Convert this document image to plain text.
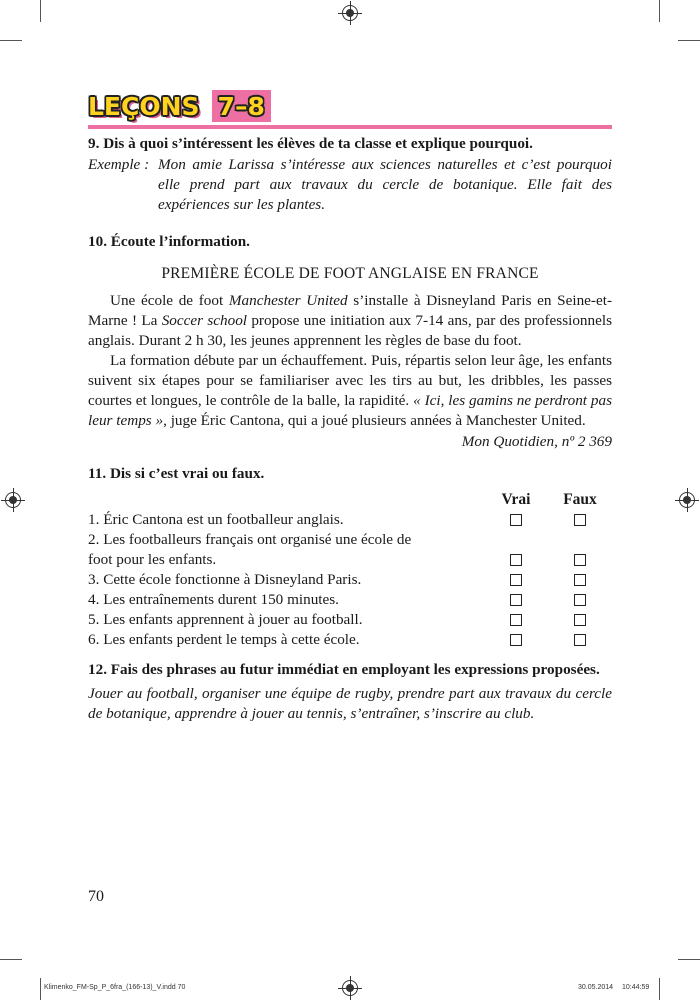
LEÇONS 7–8

9. Dis à quoi s’intéressent les élèves de ta classe et explique pourquoi.

Exemple : Mon amie Larissa s’intéresse aux sciences naturelles et c’est pourquoi elle prend part aux travaux du cercle de botanique. Elle fait des expériences sur les plantes.

10. Écoute l’information.

PREMIÈRE ÉCOLE DE FOOT ANGLAISE EN FRANCE

Une école de foot Manchester United s’installe à Disneyland Paris en Seine-et-Marne ! La Soccer school propose une initiation aux 7-14 ans, par des professionnels anglais. Durant 2 h 30, les jeunes apprennent les règles de base du foot.

La formation débute par un échauffement. Puis, répartis selon leur âge, les enfants suivent six étapes pour se familiariser avec les tirs au but, les dribbles, les passes courtes et longues, le contrôle de la balle, la rapidité. « Ici, les gamins ne perdront pas leur temps », juge Éric Cantona, qui a joué plusieurs années à Manchester United.

Mon Quotidien, nº 2 369

11. Dis si c’est vrai ou faux.

Vrai	Faux
1. Éric Cantona est un footballeur anglais.
2. Les footballeurs français ont organisé une école de foot pour les enfants.
3. Cette école fonctionne à Disneyland Paris.
4. Les entraînements durent 150 minutes.
5. Les enfants apprennent à jouer au football.
6. Les enfants perdent le temps à cette école.

12. Fais des phrases au futur immédiat en employant les expressions proposées.

Jouer au football, organiser une équipe de rugby, prendre part aux travaux du cercle de botanique, apprendre à jouer au tennis, s’entraîner, s’inscrire au club.

70
Klimenko_FM-Sp_P_6fra_(166-13)_V.indd 70	30.05.2014 10:44:59
